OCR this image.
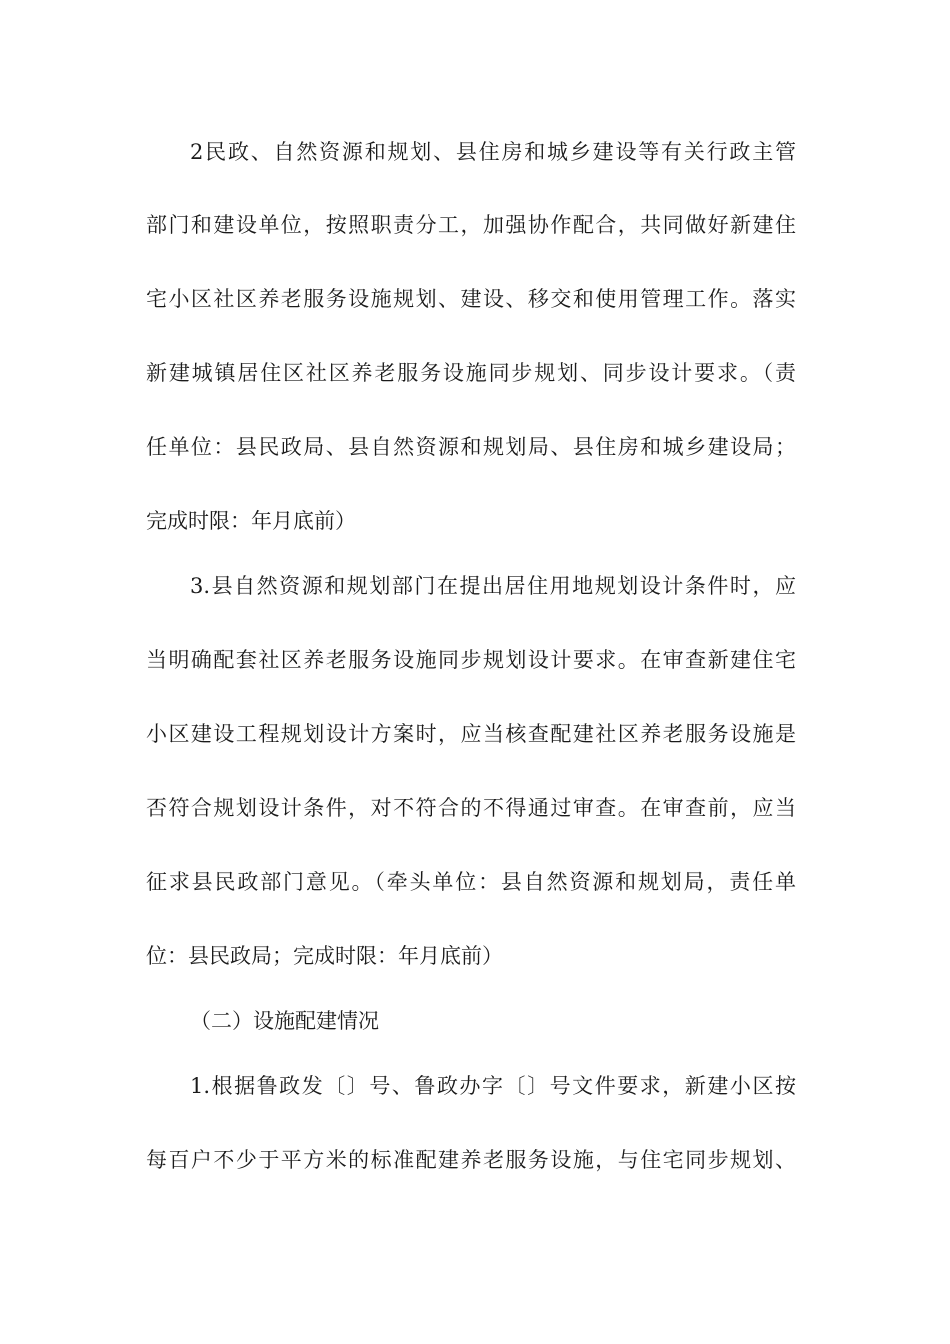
2民政、自然资源和规划、县住房和城乡建设等有关行政主管
部门和建设单位，按照职责分工，加强协作配合，共同做好新建住
宅小区社区养老服务设施规划、建设、移交和使用管理工作。落实
新建城镇居住区社区养老服务设施同步规划、同步设计要求。（责
任单位：县民政局、县自然资源和规划局、县住房和城乡建设局；
完成时限：年月底前）
3.县自然资源和规划部门在提出居住用地规划设计条件时，应
当明确配套社区养老服务设施同步规划设计要求。在审查新建住宅
小区建设工程规划设计方案时，应当核查配建社区养老服务设施是
否符合规划设计条件，对不符合的不得通过审查。在审查前，应当
征求县民政部门意见。（牵头单位：县自然资源和规划局，责任单
位：县民政局；完成时限：年月底前）
（二）设施配建情况
1.根据鲁政发〔〕号、鲁政办字〔〕号文件要求，新建小区按
每百户不少于平方米的标准配建养老服务设施，与住宅同步规划、
